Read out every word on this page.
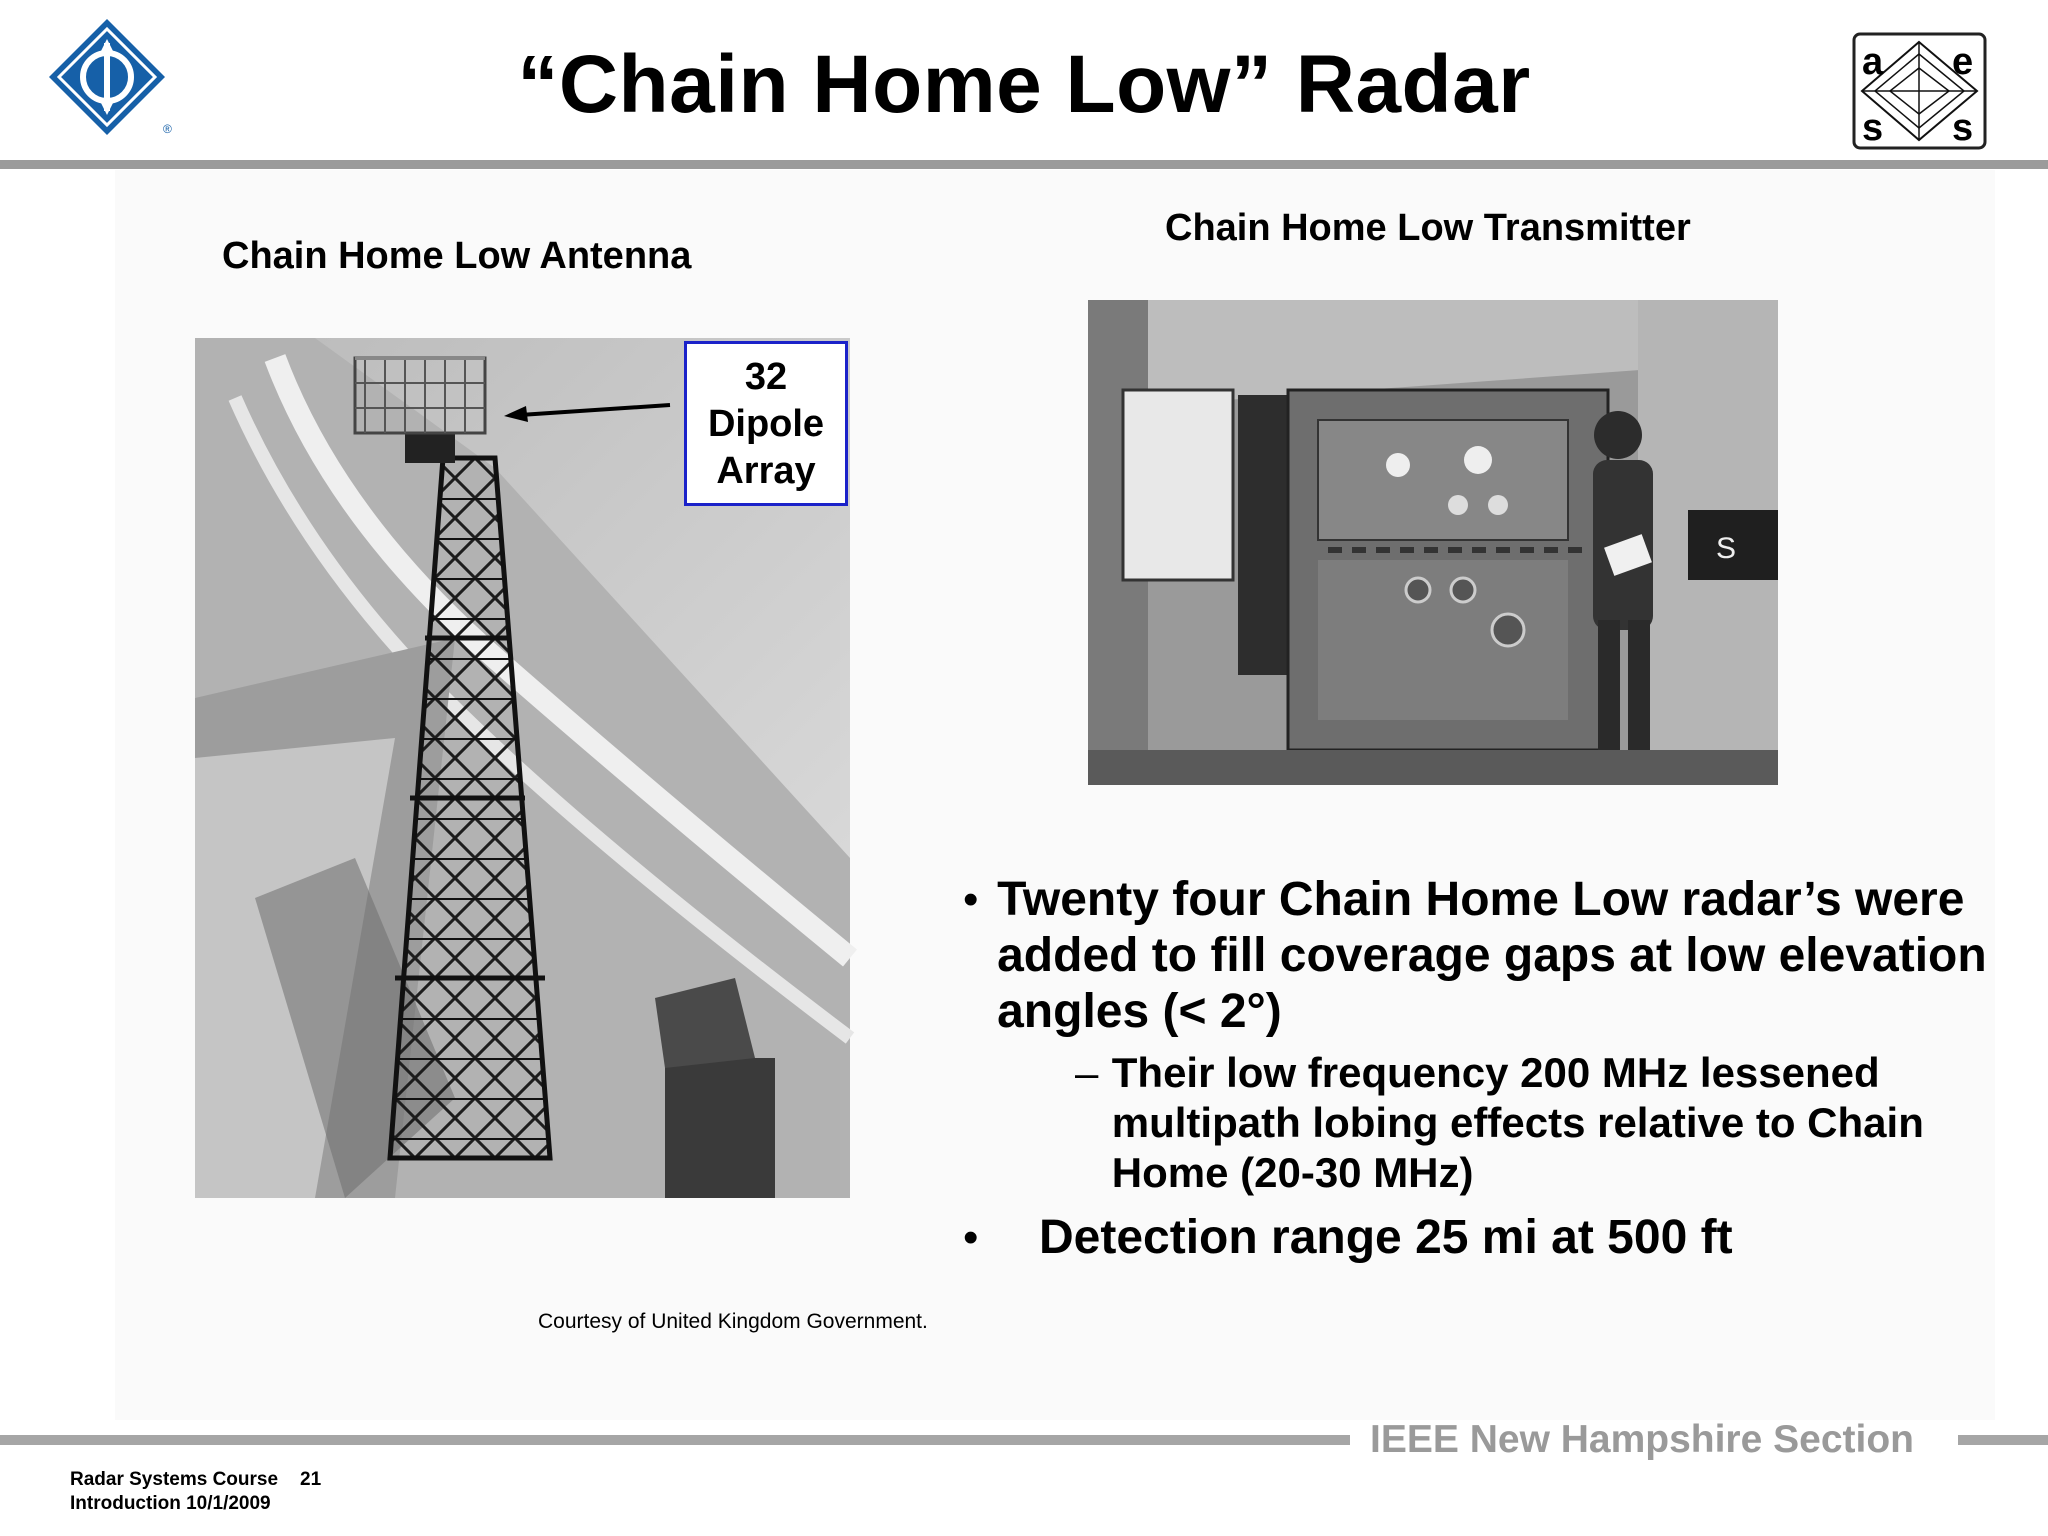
®
a e
s s
“Chain Home Low” Radar
Chain Home Low Antenna
Chain Home Low Transmitter
32
Dipole
Array
S
• Twenty four Chain Home Low radar’s were added to fill coverage gaps at low elevation angles (< 2°)
– Their low frequency 200 MHz lessened multipath lobing effects relative to Chain Home (20-30 MHz)
•	Detection range 25 mi at 500 ft
Courtesy of United Kingdom Government.
IEEE New Hampshire Section
Radar Systems Course 21
Introduction 10/1/2009
